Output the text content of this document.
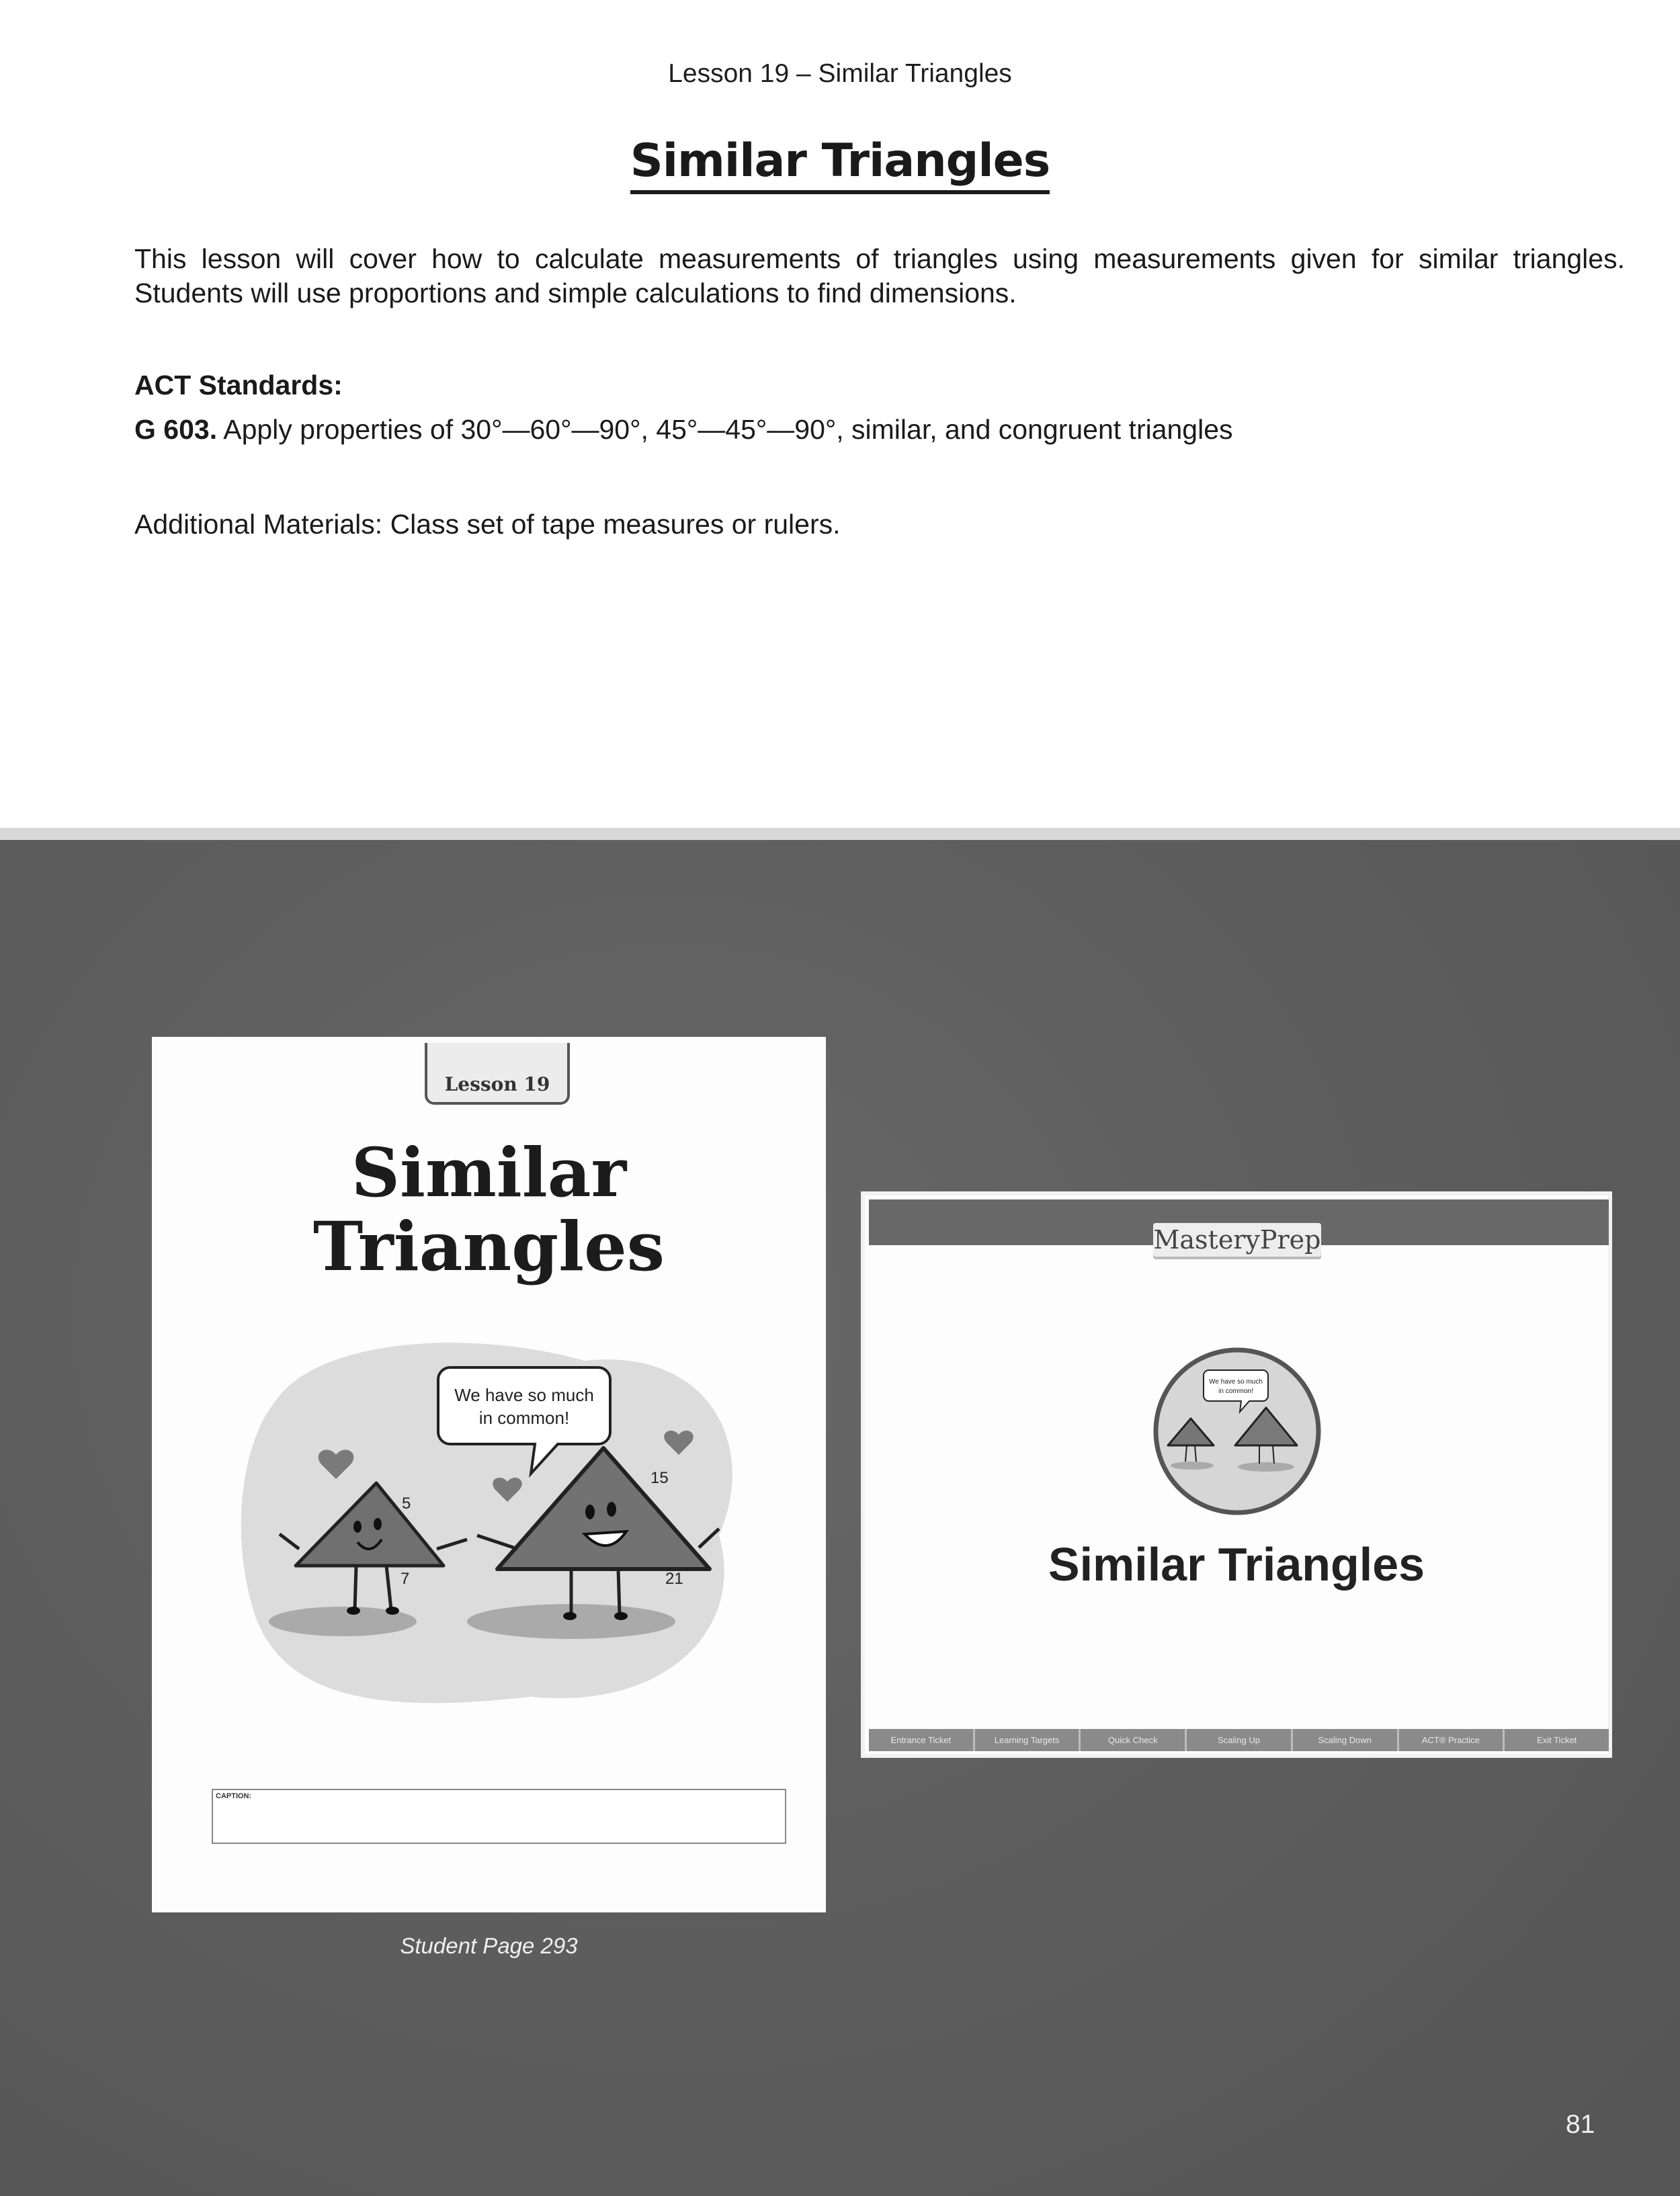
Lesson 19 – Similar Triangles
Similar Triangles
This lesson will cover how to calculate measurements of triangles using measurements given for similar triangles. Students will use proportions and simple calculations to find dimensions.
ACT Standards:
G 603. Apply properties of 30°—60°—90°, 45°—45°—90°, similar, and congruent triangles
Additional Materials: Class set of tape measures or rulers.
Lesson 19
Similar
Triangles
We have so much
in common!
5
7
15
21
CAPTION:
Student Page 293
MasteryPrep
We have so much
in common!
Similar Triangles
Entrance Ticket	Learning Targets	Quick Check	Scaling Up	Scaling Down	ACT® Practice	Exit Ticket
81
